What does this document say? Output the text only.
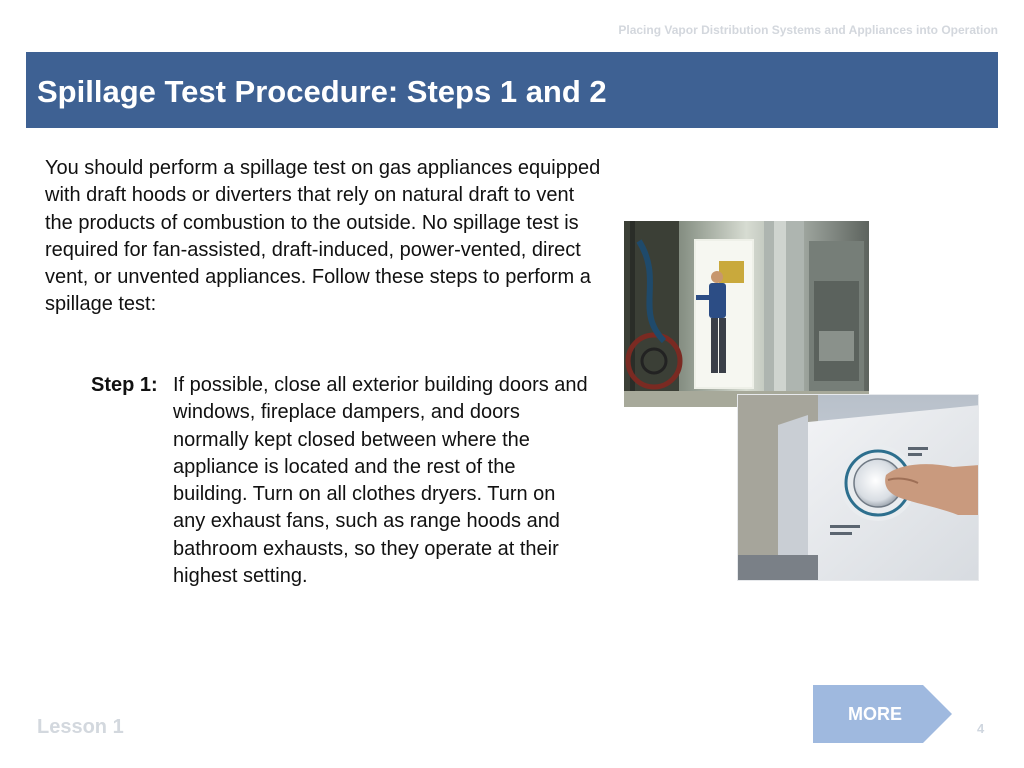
Placing Vapor Distribution Systems and Appliances into Operation
Spillage Test Procedure: Steps 1 and 2

You should perform a spillage test on gas appliances equipped with draft hoods or diverters that rely on natural draft to vent the products of combustion to the outside. No spillage test is required for fan-assisted, draft-induced, power-vented, direct vent, or unvented appliances. Follow these steps to perform a spillage test:

Step 1: If possible, close all exterior building doors and windows, fireplace dampers, and doors normally kept closed between where the appliance is located and the rest of the building. Turn on all clothes dryers. Turn on any exhaust fans, such as range hoods and bathroom exhausts, so they operate at their highest setting.
MORE
Lesson 1	4
